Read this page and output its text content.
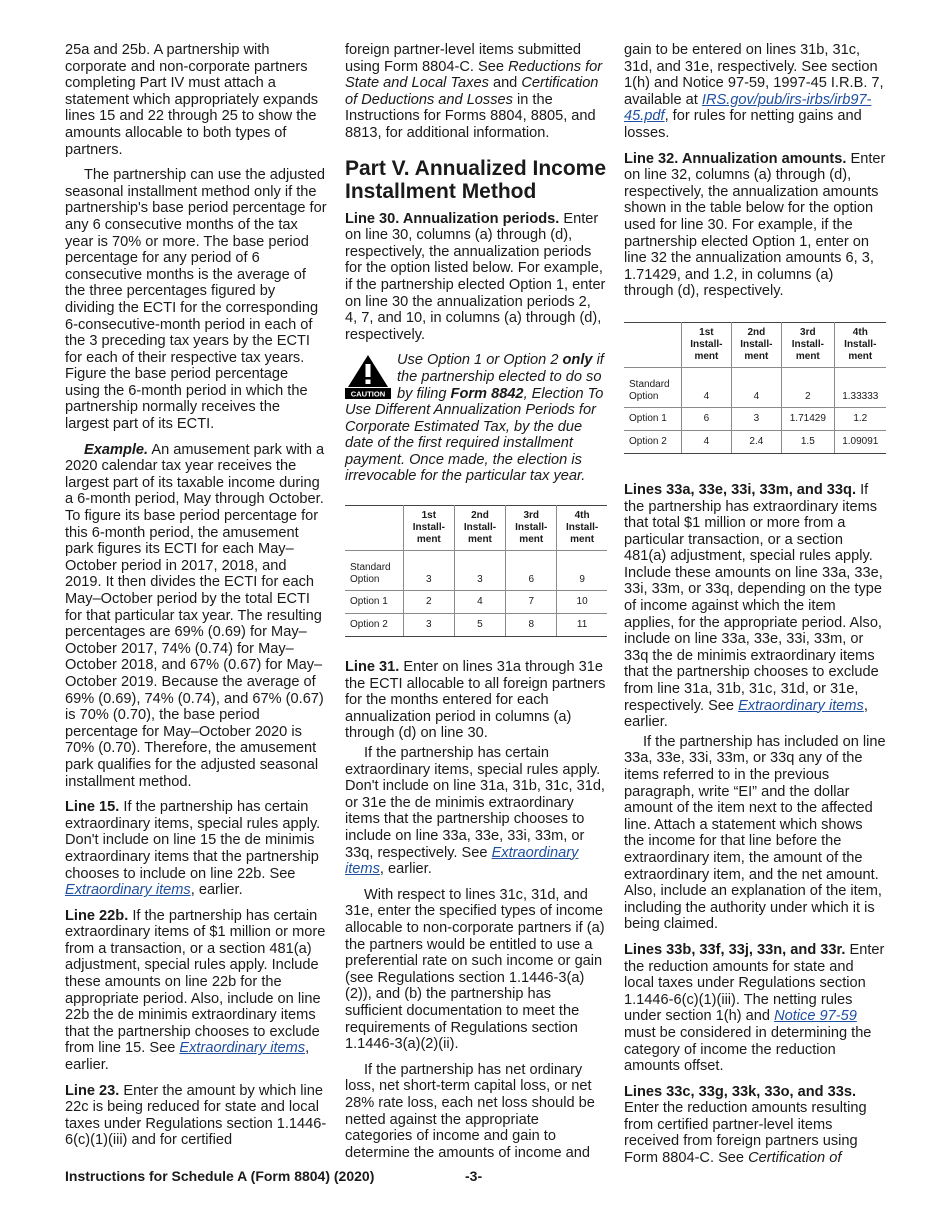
25a and 25b. A partnership with corporate and non-corporate partners completing Part IV must attach a statement which appropriately expands lines 15 and 22 through 25 to show the amounts allocable to both types of partners.

The partnership can use the adjusted seasonal installment method only if the partnership's base period percentage for any 6 consecutive months of the tax year is 70% or more. The base period percentage for any period of 6 consecutive months is the average of the three percentages figured by dividing the ECTI for the corresponding 6-consecutive-month period in each of the 3 preceding tax years by the ECTI for each of their respective tax years. Figure the base period percentage using the 6-month period in which the partnership normally receives the largest part of its ECTI.

Example. An amusement park with a 2020 calendar tax year receives the largest part of its taxable income during a 6-month period, May through October. To figure its base period percentage for this 6-month period, the amusement park figures its ECTI for each May–October period in 2017, 2018, and 2019. It then divides the ECTI for each May–October period by the total ECTI for that particular tax year. The resulting percentages are 69% (0.69) for May–October 2017, 74% (0.74) for May–October 2018, and 67% (0.67) for May–October 2019. Because the average of 69% (0.69), 74% (0.74), and 67% (0.67) is 70% (0.70), the base period percentage for May–October 2020 is 70% (0.70). Therefore, the amusement park qualifies for the adjusted seasonal installment method.

Line 15. If the partnership has certain extraordinary items, special rules apply. Don't include on line 15 the de minimis extraordinary items that the partnership chooses to include on line 22b. See Extraordinary items, earlier.

Line 22b. If the partnership has certain extraordinary items of $1 million or more from a transaction, or a section 481(a) adjustment, special rules apply. Include these amounts on line 22b for the appropriate period. Also, include on line 22b the de minimis extraordinary items that the partnership chooses to exclude from line 15. See Extraordinary items, earlier.

Line 23. Enter the amount by which line 22c is being reduced for state and local taxes under Regulations section 1.1446-6(c)(1)(iii) and for certified

foreign partner-level items submitted using Form 8804-C. See Reductions for State and Local Taxes and Certification of Deductions and Losses in the Instructions for Forms 8804, 8805, and 8813, for additional information.

Part V. Annualized Income Installment Method

Line 30. Annualization periods. Enter on line 30, columns (a) through (d), respectively, the annualization periods for the option listed below. For example, if the partnership elected Option 1, enter on line 30 the annualization periods 2, 4, 7, and 10, in columns (a) through (d), respectively.

CAUTION
Use Option 1 or Option 2 only if the partnership elected to do so by filing Form 8842, Election To Use Different Annualization Periods for Corporate Estimated Tax, by the due date of the first required installment payment. Once made, the election is irrevocable for the particular tax year.
	1st Install-ment	2nd Install-ment	3rd Install-ment	4th Install-ment
Standard Option	3	3	6	9
Option 1	2	4	7	10
Option 2	3	5	8	11

Line 31. Enter on lines 31a through 31e the ECTI allocable to all foreign partners for the months entered for each annualization period in columns (a) through (d) on line 30.

If the partnership has certain extraordinary items, special rules apply. Don't include on line 31a, 31b, 31c, 31d, or 31e the de minimis extraordinary items that the partnership chooses to include on line 33a, 33e, 33i, 33m, or 33q, respectively. See Extraordinary items, earlier.

With respect to lines 31c, 31d, and 31e, enter the specified types of income allocable to non-corporate partners if (a) the partners would be entitled to use a preferential rate on such income or gain (see Regulations section 1.1446-3(a)(2)), and (b) the partnership has sufficient documentation to meet the requirements of Regulations section 1.1446-3(a)(2)(ii).

If the partnership has net ordinary loss, net short-term capital loss, or net 28% rate loss, each net loss should be netted against the appropriate categories of income and gain to determine the amounts of income and

gain to be entered on lines 31b, 31c, 31d, and 31e, respectively. See section 1(h) and Notice 97-59, 1997-45 I.R.B. 7, available at IRS.gov/pub/irs-irbs/irb97-45.pdf, for rules for netting gains and losses.

Line 32. Annualization amounts. Enter on line 32, columns (a) through (d), respectively, the annualization amounts shown in the table below for the option used for line 30. For example, if the partnership elected Option 1, enter on line 32 the annualization amounts 6, 3, 1.71429, and 1.2, in columns (a) through (d), respectively.

	1st Install-ment	2nd Install-ment	3rd Install-ment	4th Install-ment
Standard Option	4	4	2	1.33333
Option 1	6	3	1.71429	1.2
Option 2	4	2.4	1.5	1.09091

Lines 33a, 33e, 33i, 33m, and 33q. If the partnership has extraordinary items that total $1 million or more from a particular transaction, or a section 481(a) adjustment, special rules apply. Include these amounts on line 33a, 33e, 33i, 33m, or 33q, depending on the type of income against which the item applies, for the appropriate period. Also, include on line 33a, 33e, 33i, 33m, or 33q the de minimis extraordinary items that the partnership chooses to exclude from line 31a, 31b, 31c, 31d, or 31e, respectively. See Extraordinary items, earlier.

If the partnership has included on line 33a, 33e, 33i, 33m, or 33q any of the items referred to in the previous paragraph, write “EI” and the dollar amount of the item next to the affected line. Attach a statement which shows the income for that line before the extraordinary item, the amount of the extraordinary item, and the net amount. Also, include an explanation of the item, including the authority under which it is being claimed.

Lines 33b, 33f, 33j, 33n, and 33r. Enter the reduction amounts for state and local taxes under Regulations section 1.1446-6(c)(1)(iii). The netting rules under section 1(h) and Notice 97-59 must be considered in determining the category of income the reduction amounts offset.

Lines 33c, 33g, 33k, 33o, and 33s. Enter the reduction amounts resulting from certified partner-level items received from foreign partners using Form 8804-C. See Certification of

Instructions for Schedule A (Form 8804) (2020)	-3-
